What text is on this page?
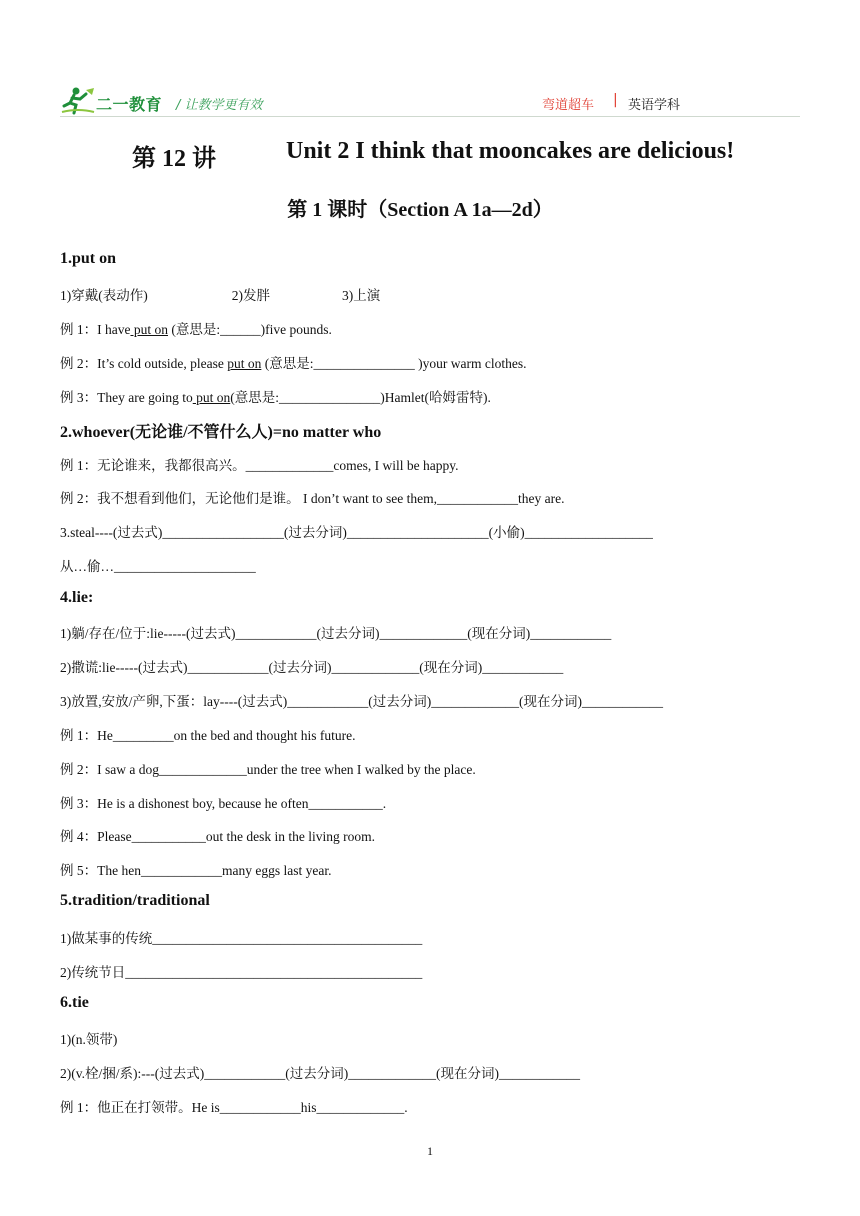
二一教育 / 让教学更有效	弯道超车 | 英语学科
第 12 讲	Unit 2 I think that mooncakes are delicious!
第 1 课时（Section A 1a—2d）
1.put on
1)穿戴(表动作)	2)发胖	3)上演
例 1：I have put on (意思是:______)five pounds.
例 2：It’s cold outside, please put on (意思是:_______________ )your warm clothes.
例 3：They are going to put on(意思是:_______________)Hamlet(哈姆雷特).
2.whoever(无论谁/不管什么人)=no matter who
例 1：无论谁来，我都很高兴。_____________comes, I will be happy.
例 2：我不想看到他们，无论他们是谁。 I don’t want to see them,____________they are.
3.steal----(过去式)__________________(过去分词)_____________________(小偷)___________________
从…偷…_____________________
4.lie:
1)躺/存在/位于:lie-----(过去式)____________(过去分词)_____________(现在分词)____________
2)撒谎:lie-----(过去式)____________(过去分词)_____________(现在分词)____________
3)放置,安放/产卵,下蛋：lay----(过去式)____________(过去分词)_____________(现在分词)____________
例 1：He_________on the bed and thought his future.
例 2：I saw a dog_____________under the tree when I walked by the place.
例 3：He is a dishonest boy, because he often___________.
例 4：Please___________out the desk in the living room.
例 5：The hen____________many eggs last year.
5.tradition/traditional
1)做某事的传统________________________________________
2)传统节日____________________________________________
6.tie
1)(n.领带)
2)(v.栓/捆/系):---(过去式)____________(过去分词)_____________(现在分词)____________
例 1：他正在打领带。He is____________his_____________.
1
